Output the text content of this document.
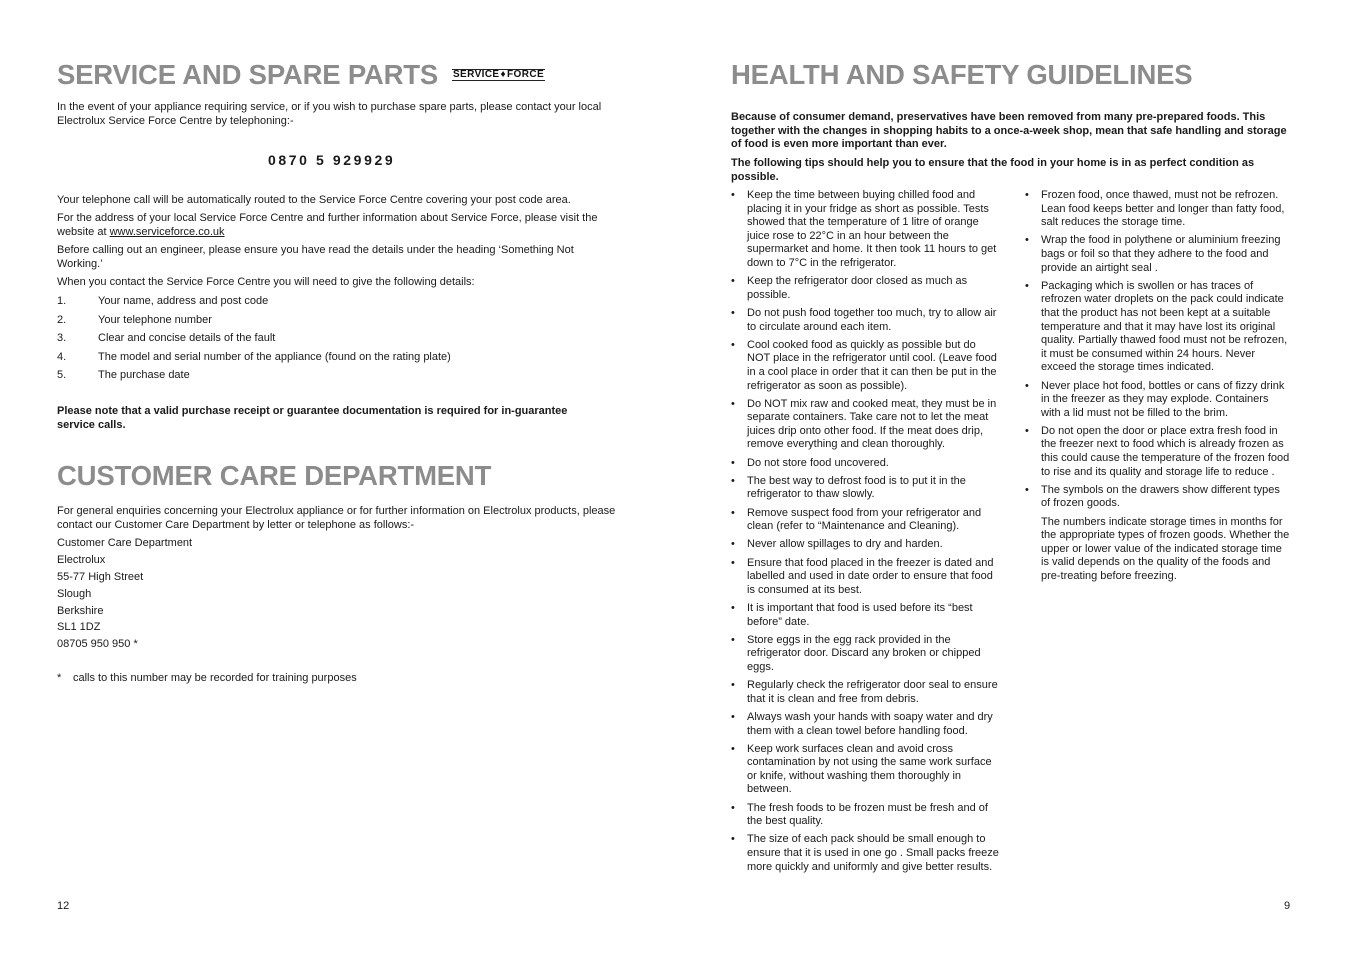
SERVICE AND SPARE PARTS SERVICE ♦ FORCE

In the event of your appliance requiring service, or if you wish to purchase spare parts, please contact your local Electrolux Service Force Centre by telephoning:-

0870 5 929929

Your telephone call will be automatically routed to the Service Force Centre covering your post code area.

For the address of your local Service Force Centre and further information about Service Force, please visit the website at www.serviceforce.co.uk

Before calling out an engineer, please ensure you have read the details under the heading ‘Something Not Working.’

When you contact the Service Force Centre you will need to give the following details:

1.	Your name, address and post code
2.	Your telephone number
3.	Clear and concise details of the fault
4.	The model and serial number of the appliance (found on the rating plate)
5.	The purchase date

Please note that a valid purchase receipt or guarantee documentation is required for in-guarantee service calls.

CUSTOMER CARE DEPARTMENT

For general enquiries concerning your Electrolux appliance or for further information on Electrolux products, please contact our Customer Care Department by letter or telephone as follows:-

Customer Care Department
Electrolux
55-77 High Street
Slough
Berkshire
SL1 1DZ
08705 950 950 *

*	calls to this number may be recorded for training purposes

12
HEALTH AND SAFETY GUIDELINES

Because of consumer demand, preservatives have been removed from many pre-prepared foods. This together with the changes in shopping habits to a once-a-week shop, mean that safe handling and storage of food is even more important than ever.

The following tips should help you to ensure that the food in your home is in as perfect condition as possible.

• Keep the time between buying chilled food and placing it in your fridge as short as possible. Tests showed that the temperature of 1 litre of orange juice rose to 22°C in an hour between the supermarket and home. It then took 11 hours to get down to 7°C in the refrigerator.
• Keep the refrigerator door closed as much as possible.
• Do not push food together too much, try to allow air to circulate around each item.
• Cool cooked food as quickly as possible but do NOT place in the refrigerator until cool. (Leave food in a cool place in order that it can then be put in the refrigerator as soon as possible).
• Do NOT mix raw and cooked meat, they must be in separate containers. Take care not to let the meat juices drip onto other food. If the meat does drip, remove everything and clean thoroughly.
• Do not store food uncovered.
• The best way to defrost food is to put it in the refrigerator to thaw slowly.
• Remove suspect food from your refrigerator and clean (refer to “Maintenance and Cleaning).
• Never allow spillages to dry and harden.
• Ensure that food placed in the freezer is dated and labelled and used in date order to ensure that food is consumed at its best.
• It is important that food is used before its “best before” date.
• Store eggs in the egg rack provided in the refrigerator door. Discard any broken or chipped eggs.
• Regularly check the refrigerator door seal to ensure that it is clean and free from debris.
• Always wash your hands with soapy water and dry them with a clean towel before handling food.
• Keep work surfaces clean and avoid cross contamination by not using the same work surface or knife, without washing them thoroughly in between.
• The fresh foods to be frozen must be fresh and of the best quality.
• The size of each pack should be small enough to ensure that it is used in one go . Small packs freeze more quickly and uniformly and give better results.
• Frozen food, once thawed, must not be refrozen. Lean food keeps better and longer than fatty food, salt reduces the storage time.
• Wrap the food in polythene or aluminium freezing bags or foil so that they adhere to the food and provide an airtight seal .
• Packaging which is swollen or has traces of refrozen water droplets on the pack could indicate that the product has not been kept at a suitable temperature and that it may have lost its original quality. Partially thawed food must not be refrozen, it must be consumed within 24 hours. Never exceed the storage times indicated.
• Never place hot food, bottles or cans of fizzy drink in the freezer as they may explode. Containers with a lid must not be filled to the brim.
• Do not open the door or place extra fresh food in the freezer next to food which is already frozen as this could cause the temperature of the frozen food to rise and its quality and storage life to reduce .
• The symbols on the drawers show different types of frozen goods.

The numbers indicate storage times in months for the appropriate types of frozen goods. Whether the upper or lower value of the indicated storage time is valid depends on the quality of the foods and pre-treating before freezing.

9
